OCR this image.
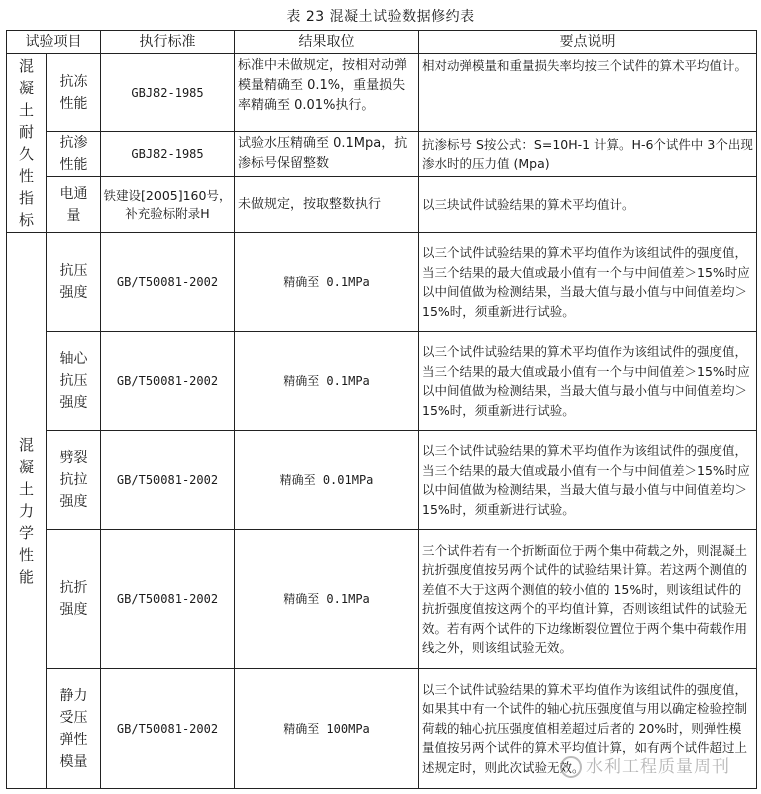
表 23 混凝土试验数据修约表
试验项目		执行标准	结果取位	要点说明
混凝土耐久性指标	抗冻性能	GBJ82-1985	标准中未做规定，按相对动弹模量精确至 0.1%，重量损失率精确至 0.01%执行。	相对动弹模量和重量损失率均按三个试件的算术平均值计。
	抗渗性能	GBJ82-1985	试验水压精确至 0.1Mpa，抗渗标号保留整数	抗渗标号 S按公式：S=10H-1 计算。H-6个试件中 3个出现渗水时的压力值 (Mpa)
	电通量	铁建设[2005]160号，补充验标附录H	未做规定，按取整数执行	以三块试件试验结果的算术平均值计。
混凝土力学性能	抗压强度	GB/T50081-2002	精确至 0.1MPa	以三个试件试验结果的算术平均值作为该组试件的强度值，当三个结果的最大值或最小值有一个与中间值差＞15%时应以中间值做为检测结果，当最大值与最小值与中间值差均＞15%时，须重新进行试验。
	轴心抗压强度	GB/T50081-2002	精确至 0.1MPa	以三个试件试验结果的算术平均值作为该组试件的强度值，当三个结果的最大值或最小值有一个与中间值差＞15%时应以中间值做为检测结果，当最大值与最小值与中间值差均＞15%时，须重新进行试验。
	劈裂抗拉强度	GB/T50081-2002	精确至 0.01MPa	以三个试件试验结果的算术平均值作为该组试件的强度值，当三个结果的最大值或最小值有一个与中间值差＞15%时应以中间值做为检测结果，当最大值与最小值与中间值差均＞15%时，须重新进行试验。
	抗折强度	GB/T50081-2002	精确至 0.1MPa	三个试件若有一个折断面位于两个集中荷载之外，则混凝土抗折强度值按另两个试件的试验结果计算。若这两个测值的差值不大于这两个测值的较小值的 15%时，则该组试件的抗折强度值按这两个的平均值计算，否则该组试件的试验无效。若有两个试件的下边缘断裂位置位于两个集中荷载作用线之外，则该组试验无效。
	静力受压弹性模量	GB/T50081-2002	精确至 100MPa	以三个试件试验结果的算术平均值作为该组试件的强度值，如果其中有一个试件的轴心抗压强度值与用以确定检验控制荷载的轴心抗压强度值相差超过后者的 20%时，则弹性模量值按另两个试件的算术平均值计算，如有两个试件超过上述规定时，则此次试验无效。 水利工程质量周刊
